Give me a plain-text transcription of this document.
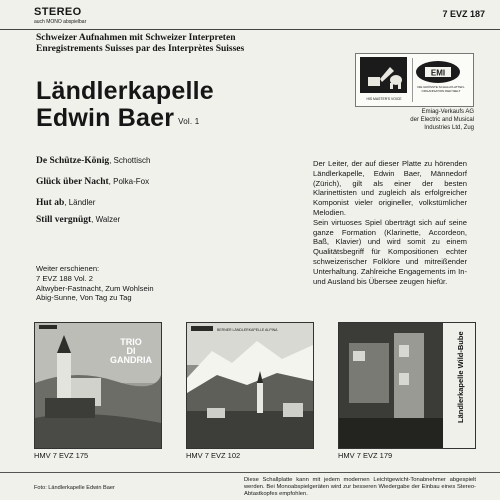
STEREO
auch MONO abspielbar
7 EVZ 187
Schweizer Aufnahmen mit Schweizer Interpreten
Enregistrements Suisses par des Interprètes Suisses
Ländlerkapelle
Edwin Baer Vol. 1
HIS MASTER'S VOICE
EMI
DIE GRÖSSTE SCHALLPLATTEN-ORGANISATION DER WELT
Emiag-Verkaufs AG
der Electric and Musical
Industries Ltd, Zug
De Schütze-König, Schottisch
Glück über Nacht, Polka-Fox
Hut ab, Ländler
Still vergnügt, Walzer
Weiter erschienen:
7 EVZ 188 Vol. 2
Altwyber-Fastnacht, Zum Wohlsein
Abig-Sunne, Von Tag zu Tag
Der Leiter, der auf dieser Platte zu hörenden Ländlerkapelle, Edwin Baer, Männedorf (Zürich), gilt als einer der besten Klarinettisten und zugleich als erfolgreicher Komponist vieler origineller, volkstümlicher Melodien.
Sein virtuoses Spiel überträgt sich auf seine ganze Formation (Klarinette, Accordeon, Baß, Klavier) und wird somit zu einem Qualitätsbegriff für Kompositionen echter schweizerischer Folklore und mitreißender Unterhaltung. Zahlreiche Engagements im In- und Ausland bis Übersee zeugen hiefür.
TRIO DI GANDRIA
BERNER LÄNDLERKAPELLE ALPINA
Ländlerkapelle Wild-Bube
HMV 7 EVZ 175	HMV 7 EVZ 102	HMV 7 EVZ 179
Foto: Ländlerkapelle Edwin Baer
Diese Schallplatte kann mit jedem modernen Leichtgewicht-Tonabnehmer abgespielt werden. Bei Monoabspielgeräten wird zur besseren Wiedergabe der Einbau eines Stereo-Abtastkopfes empfohlen.
